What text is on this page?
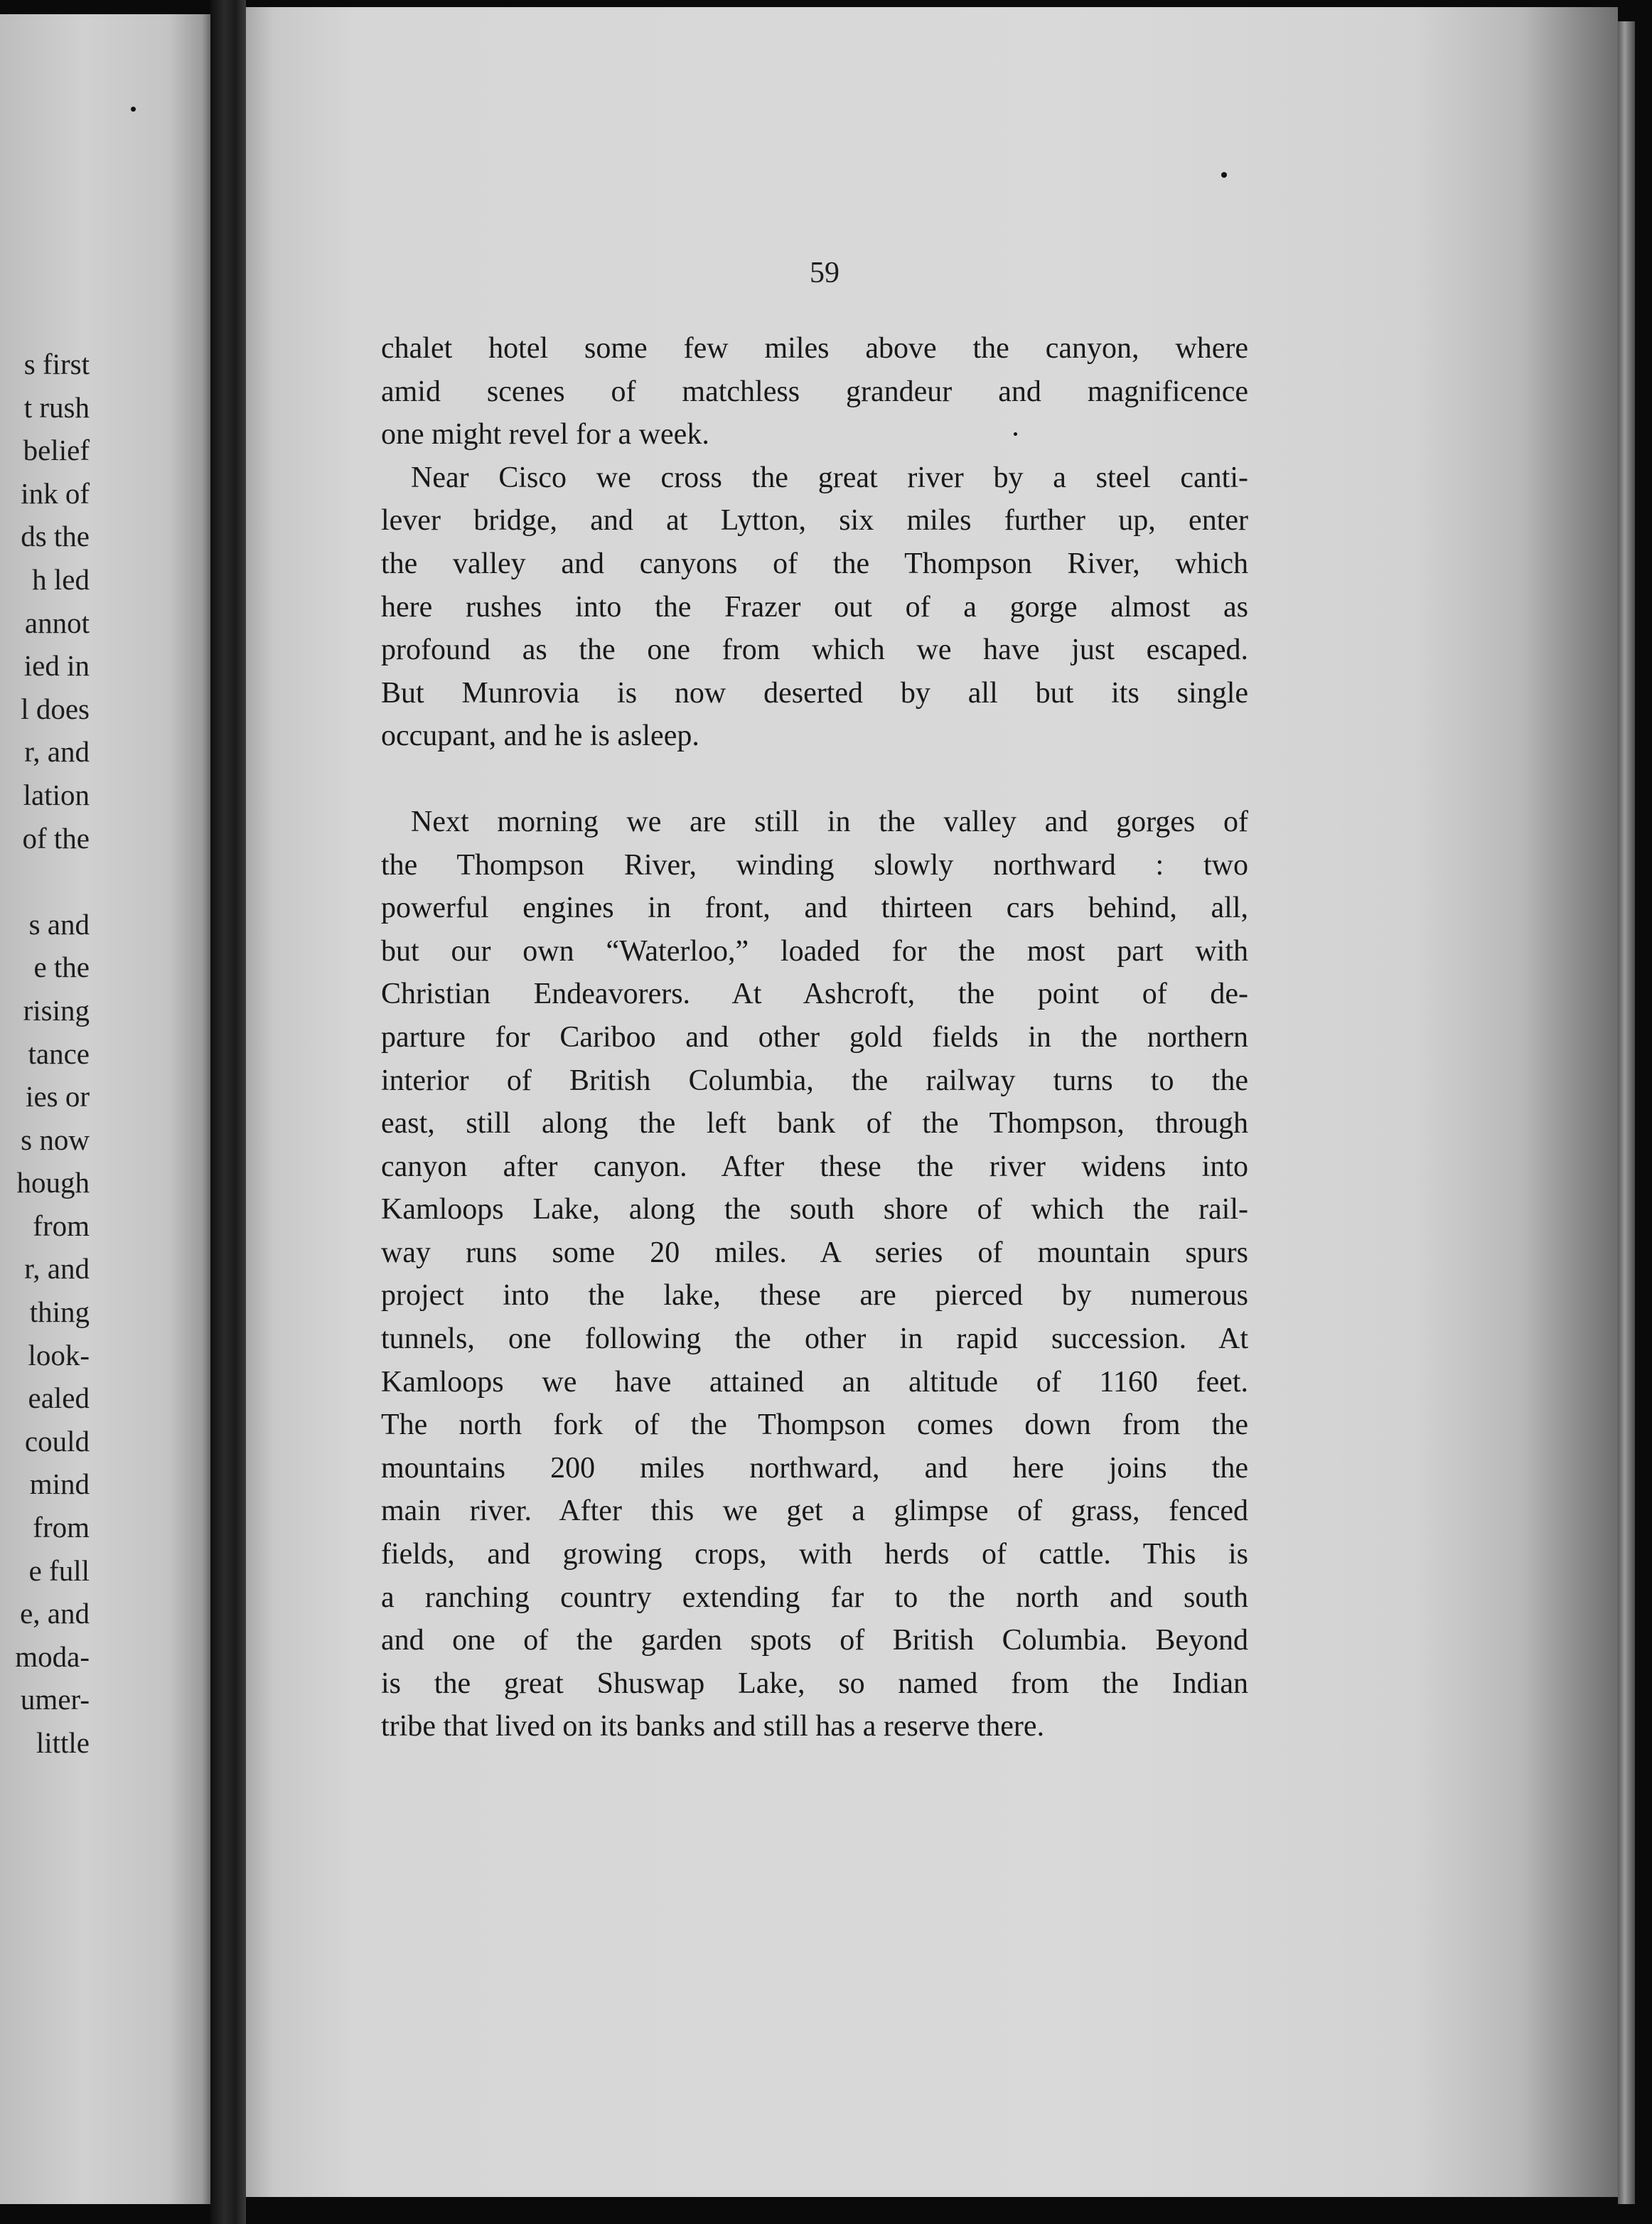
s first
t rush
belief
ink of
ds the
h led
annot
ied in
l does
r, and
lation
of the
s and
e the
rising
tance
ies or
s now
hough
from
r, and
thing
look-
ealed
could
mind
from
e full
e, and
moda-
umer-
little
59
chalet hotel some few miles above the canyon, where
amid scenes of matchless grandeur and magnificence
one might revel for a week.
Near Cisco we cross the great river by a steel canti-
lever bridge, and at Lytton, six miles further up, enter
the valley and canyons of the Thompson River, which
here rushes into the Frazer out of a gorge almost as
profound as the one from which we have just escaped.
But Munrovia is now deserted by all but its single
occupant, and he is asleep.
Next morning we are still in the valley and gorges of
the Thompson River, winding slowly northward : two
powerful engines in front, and thirteen cars behind, all,
but our own “Waterloo,” loaded for the most part with
Christian Endeavorers. At Ashcroft, the point of de-
parture for Cariboo and other gold fields in the northern
interior of British Columbia, the railway turns to the
east, still along the left bank of the Thompson, through
canyon after canyon. After these the river widens into
Kamloops Lake, along the south shore of which the rail-
way runs some 20 miles. A series of mountain spurs
project into the lake, these are pierced by numerous
tunnels, one following the other in rapid succession. At
Kamloops we have attained an altitude of 1160 feet.
The north fork of the Thompson comes down from the
mountains 200 miles northward, and here joins the
main river. After this we get a glimpse of grass, fenced
fields, and growing crops, with herds of cattle. This is
a ranching country extending far to the north and south
and one of the garden spots of British Columbia. Beyond
is the great Shuswap Lake, so named from the Indian
tribe that lived on its banks and still has a reserve there.
